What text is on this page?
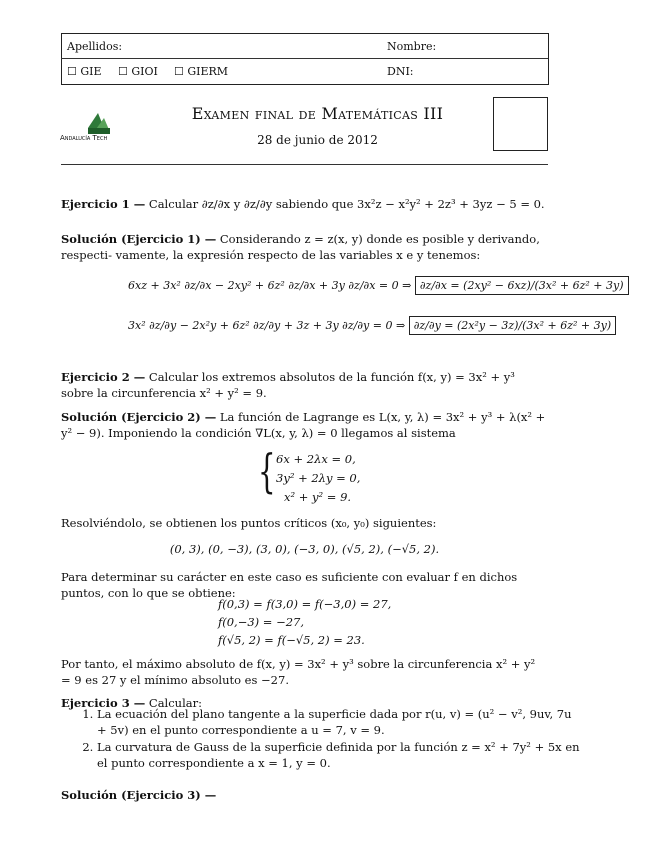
Apellidos:	Nombre:
☐ GIE ☐ GIOI ☐ GIERM	DNI:
Andalucía Tech
Examen final de Matemáticas III
28 de junio de 2012
Ejercicio 1 — Calcular ∂z/∂x y ∂z/∂y sabiendo que 3x²z − x²y² + 2z³ + 3yz − 5 = 0.
Solución (Ejercicio 1) — Considerando z = z(x, y) donde es posible y derivando, respecti- vamente, la expresión respecto de las variables x e y tenemos:
6xz + 3x² ∂z/∂x − 2xy² + 6z² ∂z/∂x + 3y ∂z/∂x = 0 ⇒ ∂z/∂x = (2xy² − 6xz)/(3x² + 6z² + 3y)
3x² ∂z/∂y − 2x²y + 6z² ∂z/∂y + 3z + 3y ∂z/∂y = 0 ⇒ ∂z/∂y = (2x²y − 3z)/(3x² + 6z² + 3y)
Ejercicio 2 — Calcular los extremos absolutos de la función f(x, y) = 3x² + y³ sobre la circunferencia x² + y² = 9.
Solución (Ejercicio 2) — La función de Lagrange es L(x, y, λ) = 3x² + y³ + λ(x² + y² − 9). Imponiendo la condición ∇L(x, y, λ) = 0 llegamos al sistema
{ 6x + 2λx = 0,
3y² + 2λy = 0,
x² + y² = 9.
Resolviéndolo, se obtienen los puntos críticos (x₀, y₀) siguientes:
(0, 3), (0, −3), (3, 0), (−3, 0), (√5, 2), (−√5, 2).
Para determinar su carácter en este caso es suficiente con evaluar f en dichos puntos, con lo que se obtiene:
f(0,3) = f(3,0) = f(−3,0) = 27,
f(0,−3) = −27,
f(√5, 2) = f(−√5, 2) = 23.
Por tanto, el máximo absoluto de f(x, y) = 3x² + y³ sobre la circunferencia x² + y² = 9 es 27 y el mínimo absoluto es −27.
Ejercicio 3 — Calcular:
1. La ecuación del plano tangente a la superficie dada por r(u, v) = (u² − v², 9uv, 7u + 5v) en el punto correspondiente a u = 7, v = 9.
2. La curvatura de Gauss de la superficie definida por la función z = x² + 7y² + 5x en el punto correspondiente a x = 1, y = 0.
Solución (Ejercicio 3) —
